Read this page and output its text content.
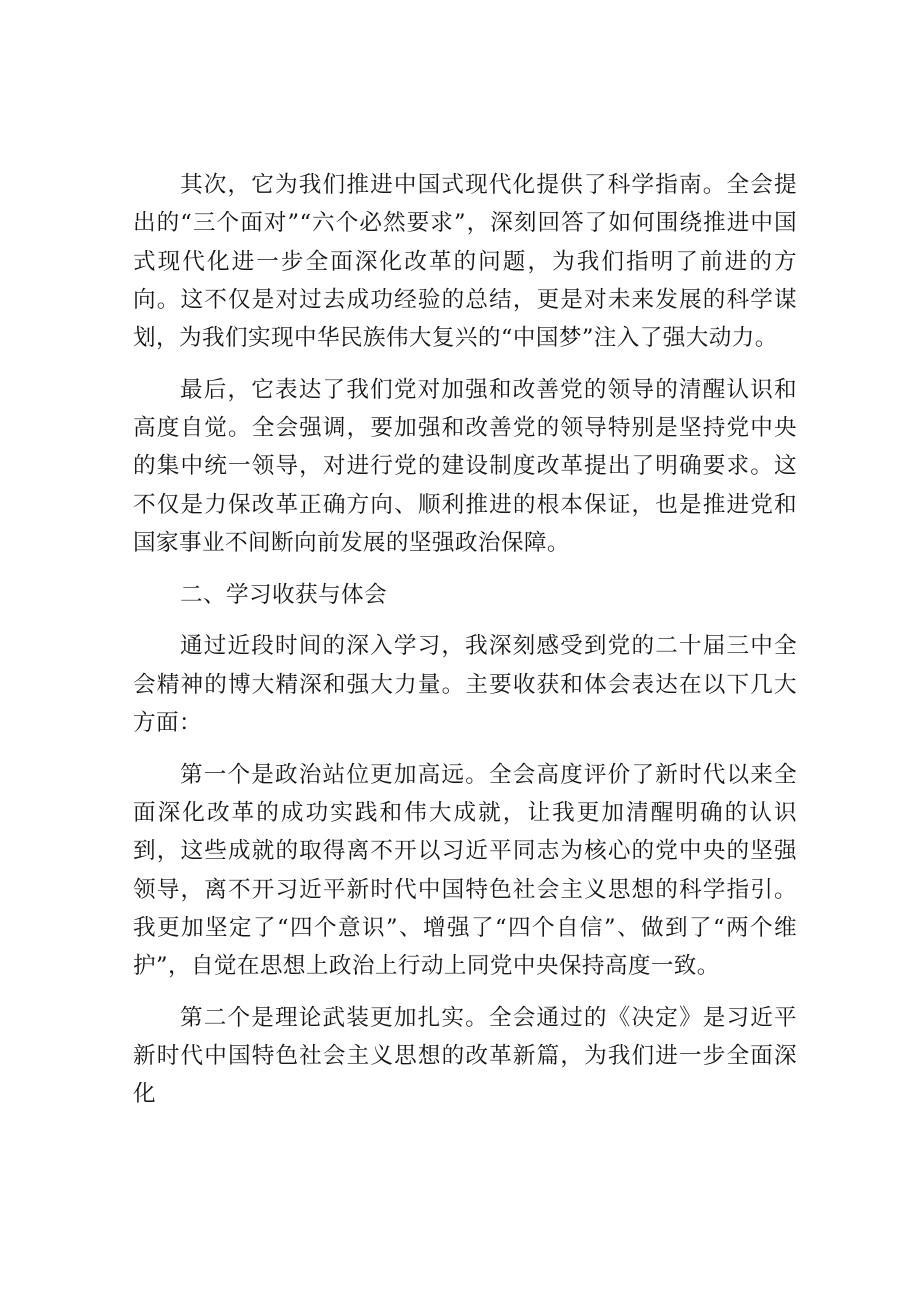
其次，它为我们推进中国式现代化提供了科学指南。全会提出的“三个面对”“六个必然要求”，深刻回答了如何围绕推进中国式现代化进一步全面深化改革的问题，为我们指明了前进的方向。这不仅是对过去成功经验的总结，更是对未来发展的科学谋划，为我们实现中华民族伟大复兴的“中国梦”注入了强大动力。

最后，它表达了我们党对加强和改善党的领导的清醒认识和高度自觉。全会强调，要加强和改善党的领导特别是坚持党中央的集中统一领导，对进行党的建设制度改革提出了明确要求。这不仅是力保改革正确方向、顺利推进的根本保证，也是推进党和国家事业不间断向前发展的坚强政治保障。

二、学习收获与体会

通过近段时间的深入学习，我深刻感受到党的二十届三中全会精神的博大精深和强大力量。主要收获和体会表达在以下几大方面：

第一个是政治站位更加高远。全会高度评价了新时代以来全面深化改革的成功实践和伟大成就，让我更加清醒明确的认识到，这些成就的取得离不开以习近平同志为核心的党中央的坚强领导，离不开习近平新时代中国特色社会主义思想的科学指引。我更加坚定了“四个意识”、增强了“四个自信”、做到了“两个维护”，自觉在思想上政治上行动上同党中央保持高度一致。

第二个是理论武装更加扎实。全会通过的《决定》是习近平新时代中国特色社会主义思想的改革新篇，为我们进一步全面深化
